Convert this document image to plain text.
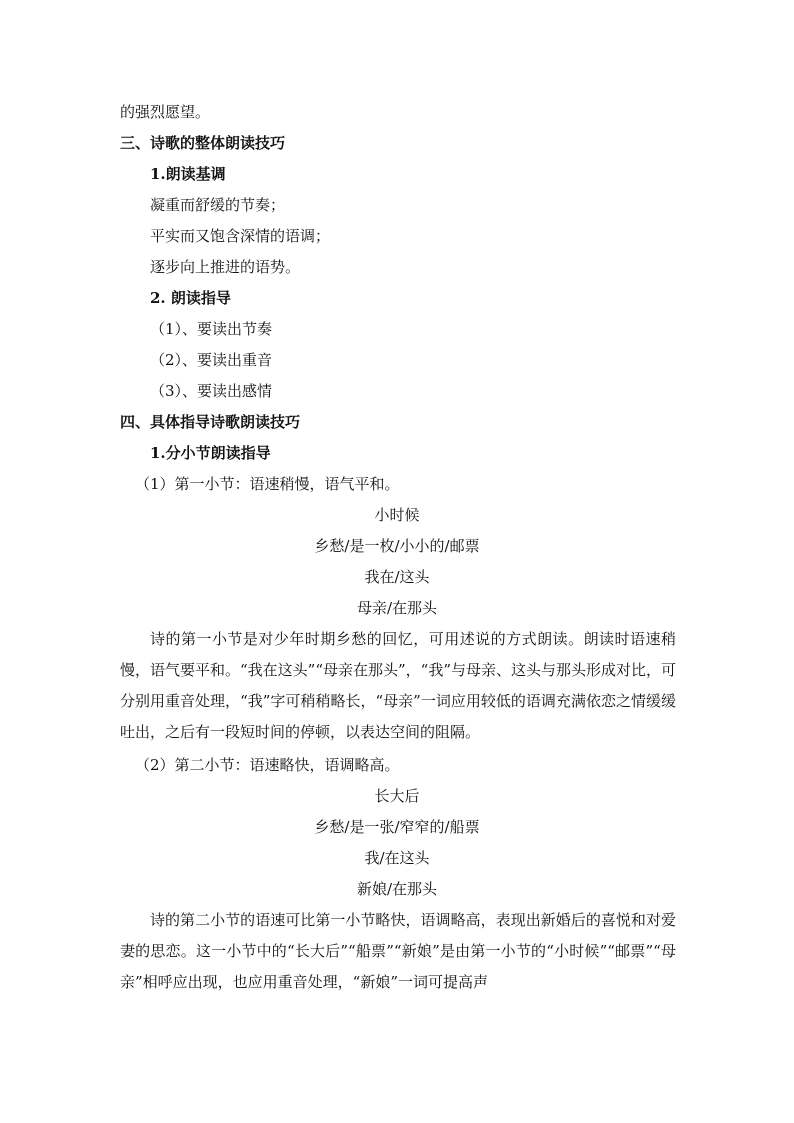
的强烈愿望。
三、诗歌的整体朗读技巧
1.朗读基调
凝重而舒缓的节奏；
平实而又饱含深情的语调；
逐步向上推进的语势。
2. 朗读指导
（1）、要读出节奏
（2）、要读出重音
（3）、要读出感情
四、具体指导诗歌朗读技巧
1.分小节朗读指导
（1）第一小节：语速稍慢，语气平和。
小时候
乡愁/是一枚/小小的/邮票
我在/这头
母亲/在那头
诗的第一小节是对少年时期乡愁的回忆，可用述说的方式朗读。朗读时语速稍慢，语气要平和。“我在这头”“母亲在那头”，“我”与母亲、这头与那头形成对比，可分别用重音处理，“我”字可稍稍略长，“母亲”一词应用较低的语调充满依恋之情缓缓吐出，之后有一段短时间的停顿，以表达空间的阻隔。
（2）第二小节：语速略快，语调略高。
长大后
乡愁/是一张/窄窄的/船票
我/在这头
新娘/在那头
诗的第二小节的语速可比第一小节略快，语调略高，表现出新婚后的喜悦和对爱妻的思恋。这一小节中的“长大后”“船票”“新娘”是由第一小节的“小时候”“邮票”“母亲”相呼应出现，也应用重音处理，“新娘”一词可提高声
